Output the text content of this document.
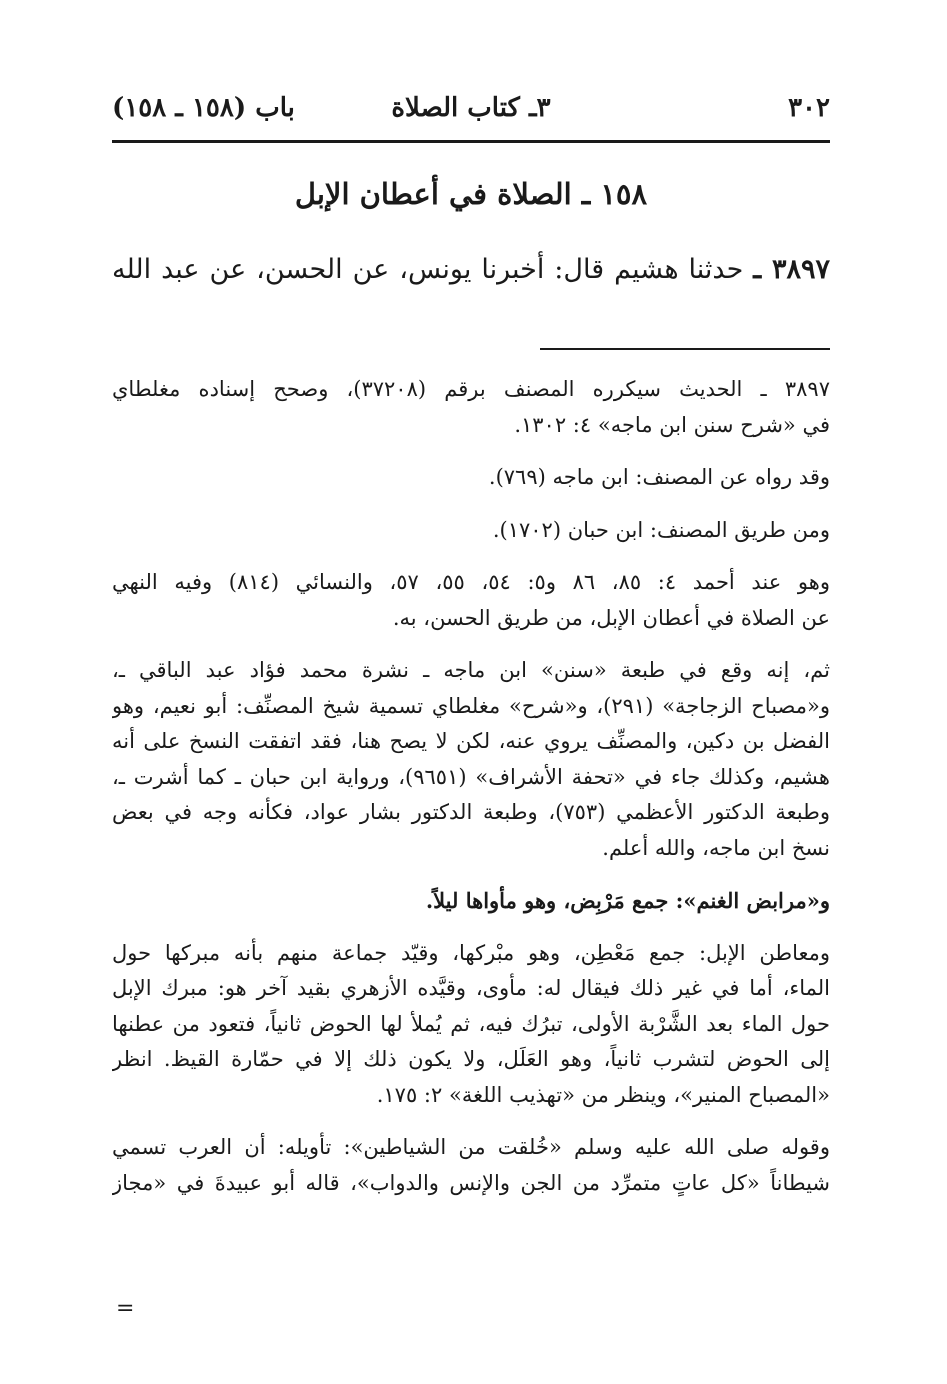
٣٠٢
٣ـ كتاب الصلاة
باب (١٥٨ ـ ١٥٨)
١٥٨ ـ الصلاة في أعطان الإبل
٣٨٩٧ ـ حدثنا هشيم قال: أخبرنا يونس، عن الحسن، عن عبد الله
٣٨٩٧ ـ الحديث سيكرره المصنف برقم (٣٧٢٠٨)، وصحح إسناده مغلطاي
في «شرح سنن ابن ماجه» ٤: ١٣٠٢.
وقد رواه عن المصنف: ابن ماجه (٧٦٩).
ومن طريق المصنف: ابن حبان (١٧٠٢).
وهو عند أحمد ٤: ٨٥، ٨٦ و٥: ٥٤، ٥٥، ٥٧، والنسائي (٨١٤) وفيه النهي
عن الصلاة في أعطان الإبل، من طريق الحسن، به.
ثم، إنه وقع في طبعة «سنن» ابن ماجه ـ نشرة محمد فؤاد عبد الباقي ـ،
و«مصباح الزجاجة» (٢٩١)، و«شرح» مغلطاي تسمية شيخ المصنِّف: أبو نعيم، وهو
الفضل بن دكين، والمصنِّف يروي عنه، لكن لا يصح هنا، فقد اتفقت النسخ على أنه
هشيم، وكذلك جاء في «تحفة الأشراف» (٩٦٥١)، ورواية ابن حبان ـ كما أشرت ـ،
وطبعة الدكتور الأعظمي (٧٥٣)، وطبعة الدكتور بشار عواد، فكأنه وجه في بعض
نسخ ابن ماجه، والله أعلم.
و«مرابض الغنم»: جمع مَرْبِض، وهو مأواها ليلاً.
ومعاطن الإبل: جمع مَعْطِن، وهو مبْركها، وقيّد جماعة منهم بأنه مبركها حول
الماء، أما في غير ذلك فيقال له: مأوى، وقيَّده الأزهري بقيد آخر هو: مبرك الإبل
حول الماء بعد الشَّرْبة الأولى، تبرُك فيه، ثم يُملأ لها الحوض ثانياً، فتعود من عطنها
إلى الحوض لتشرب ثانياً، وهو العَلَل، ولا يكون ذلك إلا في حمّارة القيظ. انظر
«المصباح المنير»، وينظر من «تهذيب اللغة» ٢: ١٧٥.
وقوله صلى الله عليه وسلم «خُلقت من الشياطين»: تأويله: أن العرب تسمي
شيطاناً «كل عاتٍ متمرِّد من الجن والإنس والدواب»، قاله أبو عبيدةَ في «مجاز
=
